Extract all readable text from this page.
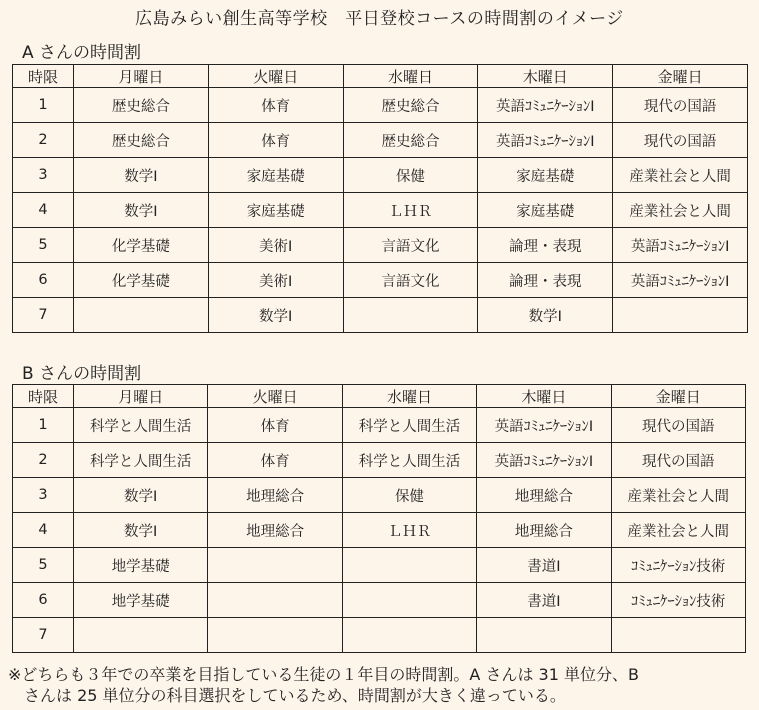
広島みらい創生高等学校　平日登校コースの時間割のイメージ
A さんの時間割
時限	月曜日	火曜日	水曜日	木曜日	金曜日
1	歴史総合	体育	歴史総合	英語ｺﾐｭﾆｹｰｼｮﾝⅠ	現代の国語
2	歴史総合	体育	歴史総合	英語ｺﾐｭﾆｹｰｼｮﾝⅠ	現代の国語
3	数学Ⅰ	家庭基礎	保健	家庭基礎	産業社会と人間
4	数学Ⅰ	家庭基礎	ＬＨＲ	家庭基礎	産業社会と人間
5	化学基礎	美術Ⅰ	言語文化	論理・表現	英語ｺﾐｭﾆｹｰｼｮﾝⅠ
6	化学基礎	美術Ⅰ	言語文化	論理・表現	英語ｺﾐｭﾆｹｰｼｮﾝⅠ
7		数学Ⅰ		数学Ⅰ	
B さんの時間割
時限	月曜日	火曜日	水曜日	木曜日	金曜日
1	科学と人間生活	体育	科学と人間生活	英語ｺﾐｭﾆｹｰｼｮﾝⅠ	現代の国語
2	科学と人間生活	体育	科学と人間生活	英語ｺﾐｭﾆｹｰｼｮﾝⅠ	現代の国語
3	数学Ⅰ	地理総合	保健	地理総合	産業社会と人間
4	数学Ⅰ	地理総合	ＬＨＲ	地理総合	産業社会と人間
5	地学基礎			書道Ⅰ	ｺﾐｭﾆｹｰｼｮﾝ技術
6	地学基礎			書道Ⅰ	ｺﾐｭﾆｹｰｼｮﾝ技術
7					
※どちらも３年での卒業を目指している生徒の１年目の時間割。A さんは 31 単位分、B
さんは 25 単位分の科目選択をしているため、時間割が大きく違っている。
